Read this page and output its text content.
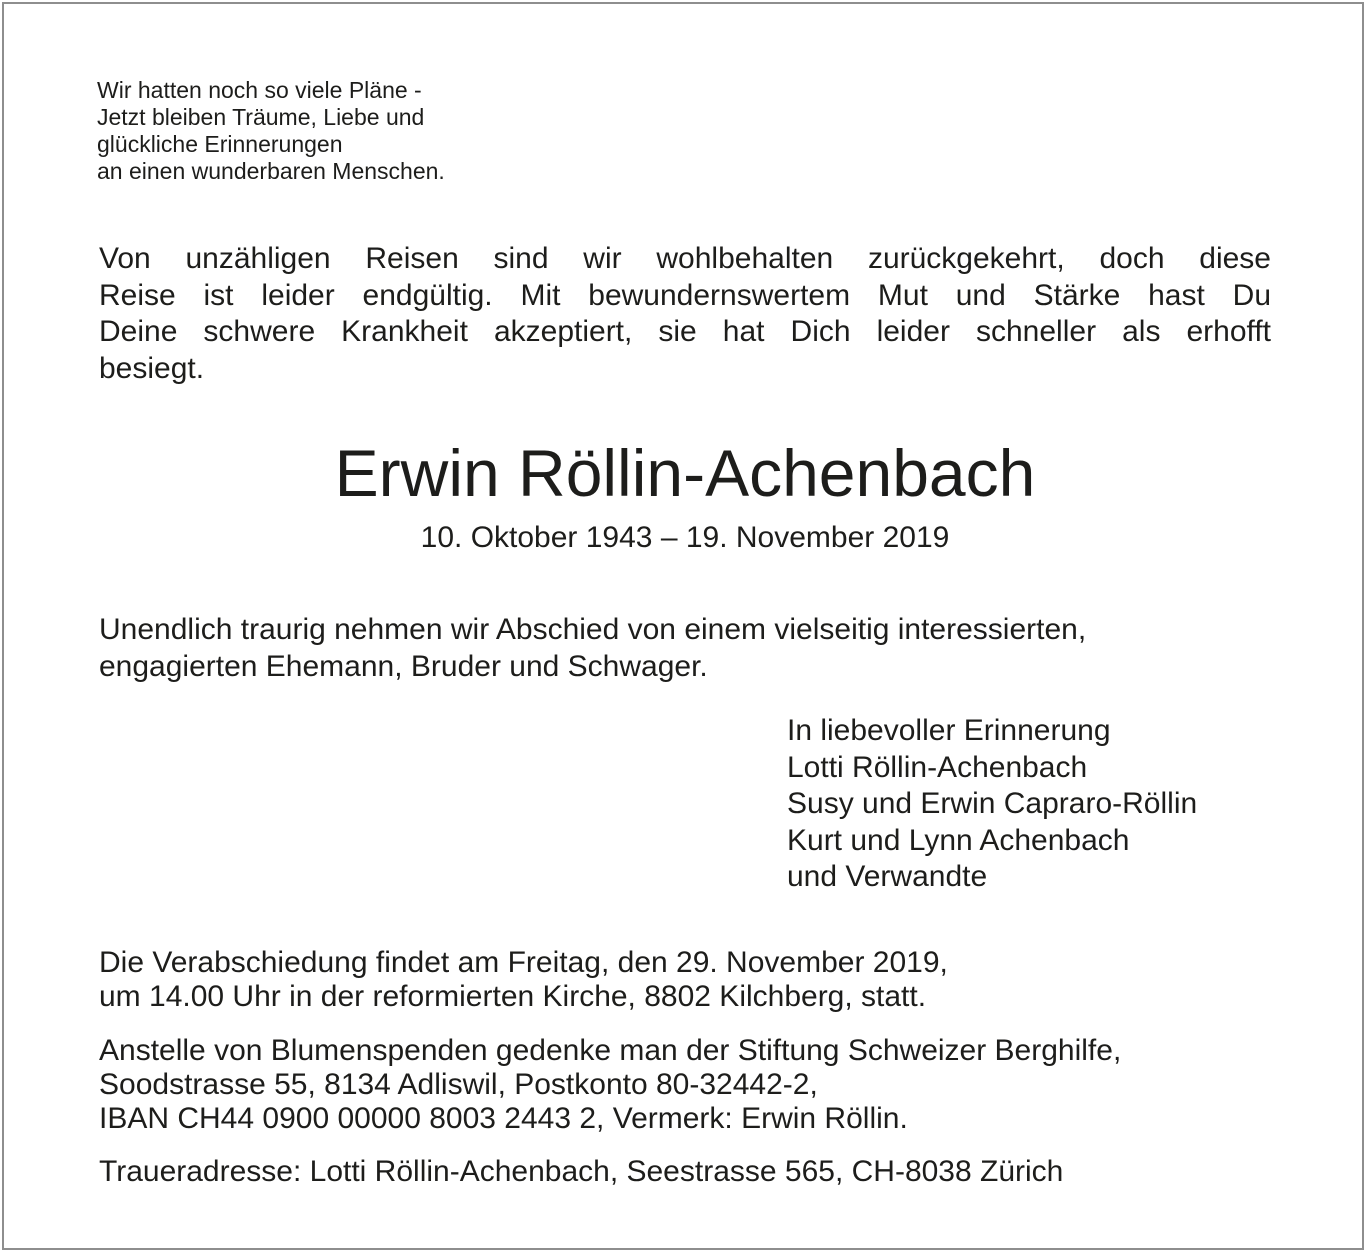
Wir hatten noch so viele Pläne -
Jetzt bleiben Träume, Liebe und
glückliche Erinnerungen
an einen wunderbaren Menschen.
Von unzähligen Reisen sind wir wohlbehalten zurückgekehrt, doch diese
Reise ist leider endgültig. Mit bewundernswertem Mut und Stärke hast Du
Deine schwere Krankheit akzeptiert, sie hat Dich leider schneller als erhofft
besiegt.
Erwin Röllin-Achenbach
10. Oktober 1943 – 19. November 2019
Unendlich traurig nehmen wir Abschied von einem vielseitig interessierten,
engagierten Ehemann, Bruder und Schwager.
In liebevoller Erinnerung
Lotti Röllin-Achenbach
Susy und Erwin Capraro-Röllin
Kurt und Lynn Achenbach
und Verwandte
Die Verabschiedung findet am Freitag, den 29. November 2019,
um 14.00 Uhr in der reformierten Kirche, 8802 Kilchberg, statt.
Anstelle von Blumenspenden gedenke man der Stiftung Schweizer Berghilfe,
Soodstrasse 55, 8134 Adliswil, Postkonto 80-32442-2,
IBAN CH44 0900 00000 8003 2443 2, Vermerk: Erwin Röllin.
Traueradresse: Lotti Röllin-Achenbach, Seestrasse 565, CH-8038 Zürich
